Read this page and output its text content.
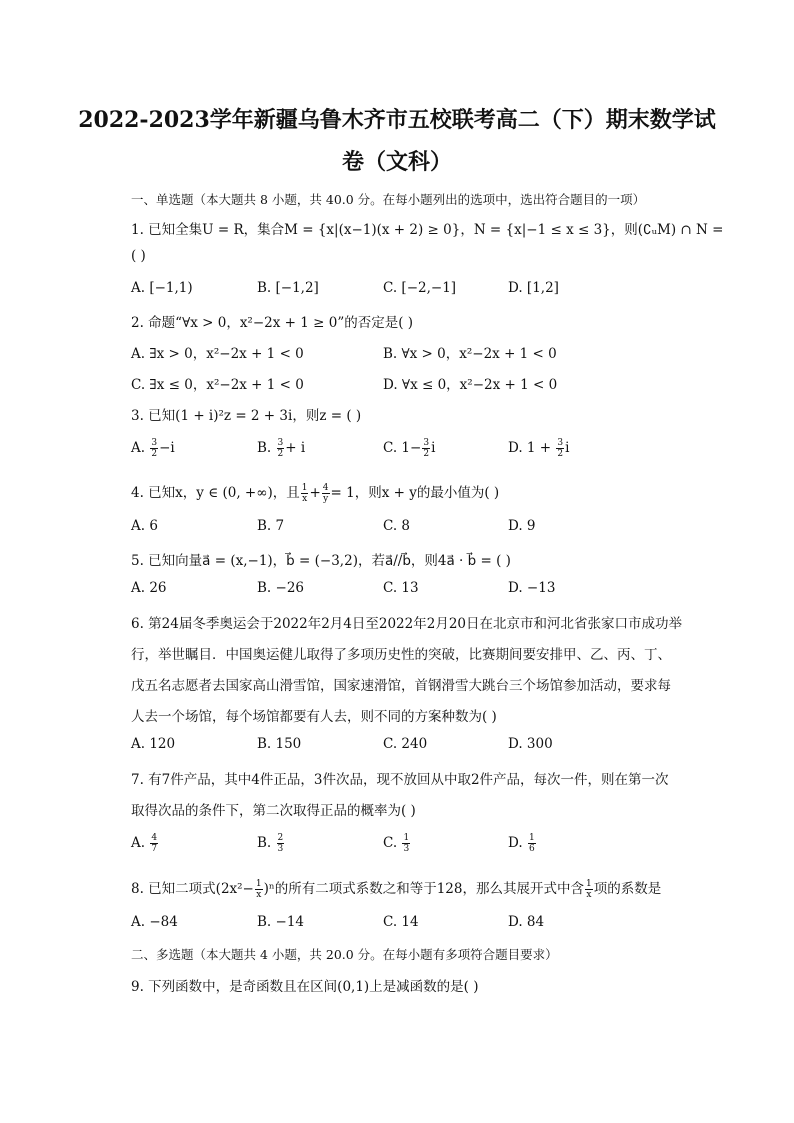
2022-2023学年新疆乌鲁木齐市五校联考高二（下）期末数学试
卷（文科）
一、单选题（本大题共 8 小题，共 40.0 分。在每小题列出的选项中，选出符合题目的一项）
1. 已知全集U = R，集合M = {x|(x−1)(x + 2) ≥ 0}，N = {x|−1 ≤ x ≤ 3}，则(∁ᵤM) ∩ N =
( )
A. [−1,1)	B. [−1,2]	C. [−2,−1]	D. [1,2]
2. 命题“∀x > 0，x²−2x + 1 ≥ 0”的否定是( )
A. ∃x > 0，x²−2x + 1 < 0	B. ∀x > 0，x²−2x + 1 < 0
C. ∃x ≤ 0，x²−2x + 1 < 0	D. ∀x ≤ 0，x²−2x + 1 < 0
3. 已知(1 + i)²z = 2 + 3i，则z = ( )
A. $\frac{3}{2} -i$	B. $\frac{3}{2} + i$	C. $1- \frac{3}{2}$ i	D. $1 + \frac{3}{2}$ i
4. 已知x，y ∈ (0, +∞)，且 $\frac{1}{x} + \frac{4}{y} = 1$，则x + y的最小值为( )
A. 6	B. 7	C. 8	D. 9
5. 已知向量a⃗ = (x,−1)，b⃗ = (−3,2)，若a⃗//b⃗，则4a⃗ · b⃗ = ( )
A. 26	B. −26	C. 13	D. −13
6. 第24届冬季奥运会于2022年2月4日至2022年2月20日在北京市和河北省张家口市成功举
行，举世瞩目．中国奥运健儿取得了多项历史性的突破，比赛期间要安排甲、乙、丙、丁、
戊五名志愿者去国家高山滑雪馆，国家速滑馆，首钢滑雪大跳台三个场馆参加活动，要求每
人去一个场馆，每个场馆都要有人去，则不同的方案种数为( )
A. 120	B. 150	C. 240	D. 300
7. 有7件产品，其中4件正品，3件次品，现不放回从中取2件产品，每次一件，则在第一次
取得次品的条件下，第二次取得正品的概率为( )
A. $\frac{4}{7}$	B. $\frac{2}{3}$	C. $\frac{1}{3}$	D. $\frac{1}{6}$
8. 已知二项式$(2x^2- \frac{1}{x} )^n$的所有二项式系数之和等于128，那么其展开式中含 $\frac{1}{x}$ 项的系数是
A. −84	B. −14	C. 14	D. 84
二、多选题（本大题共 4 小题，共 20.0 分。在每小题有多项符合题目要求）
9. 下列函数中，是奇函数且在区间(0,1)上是减函数的是( )
